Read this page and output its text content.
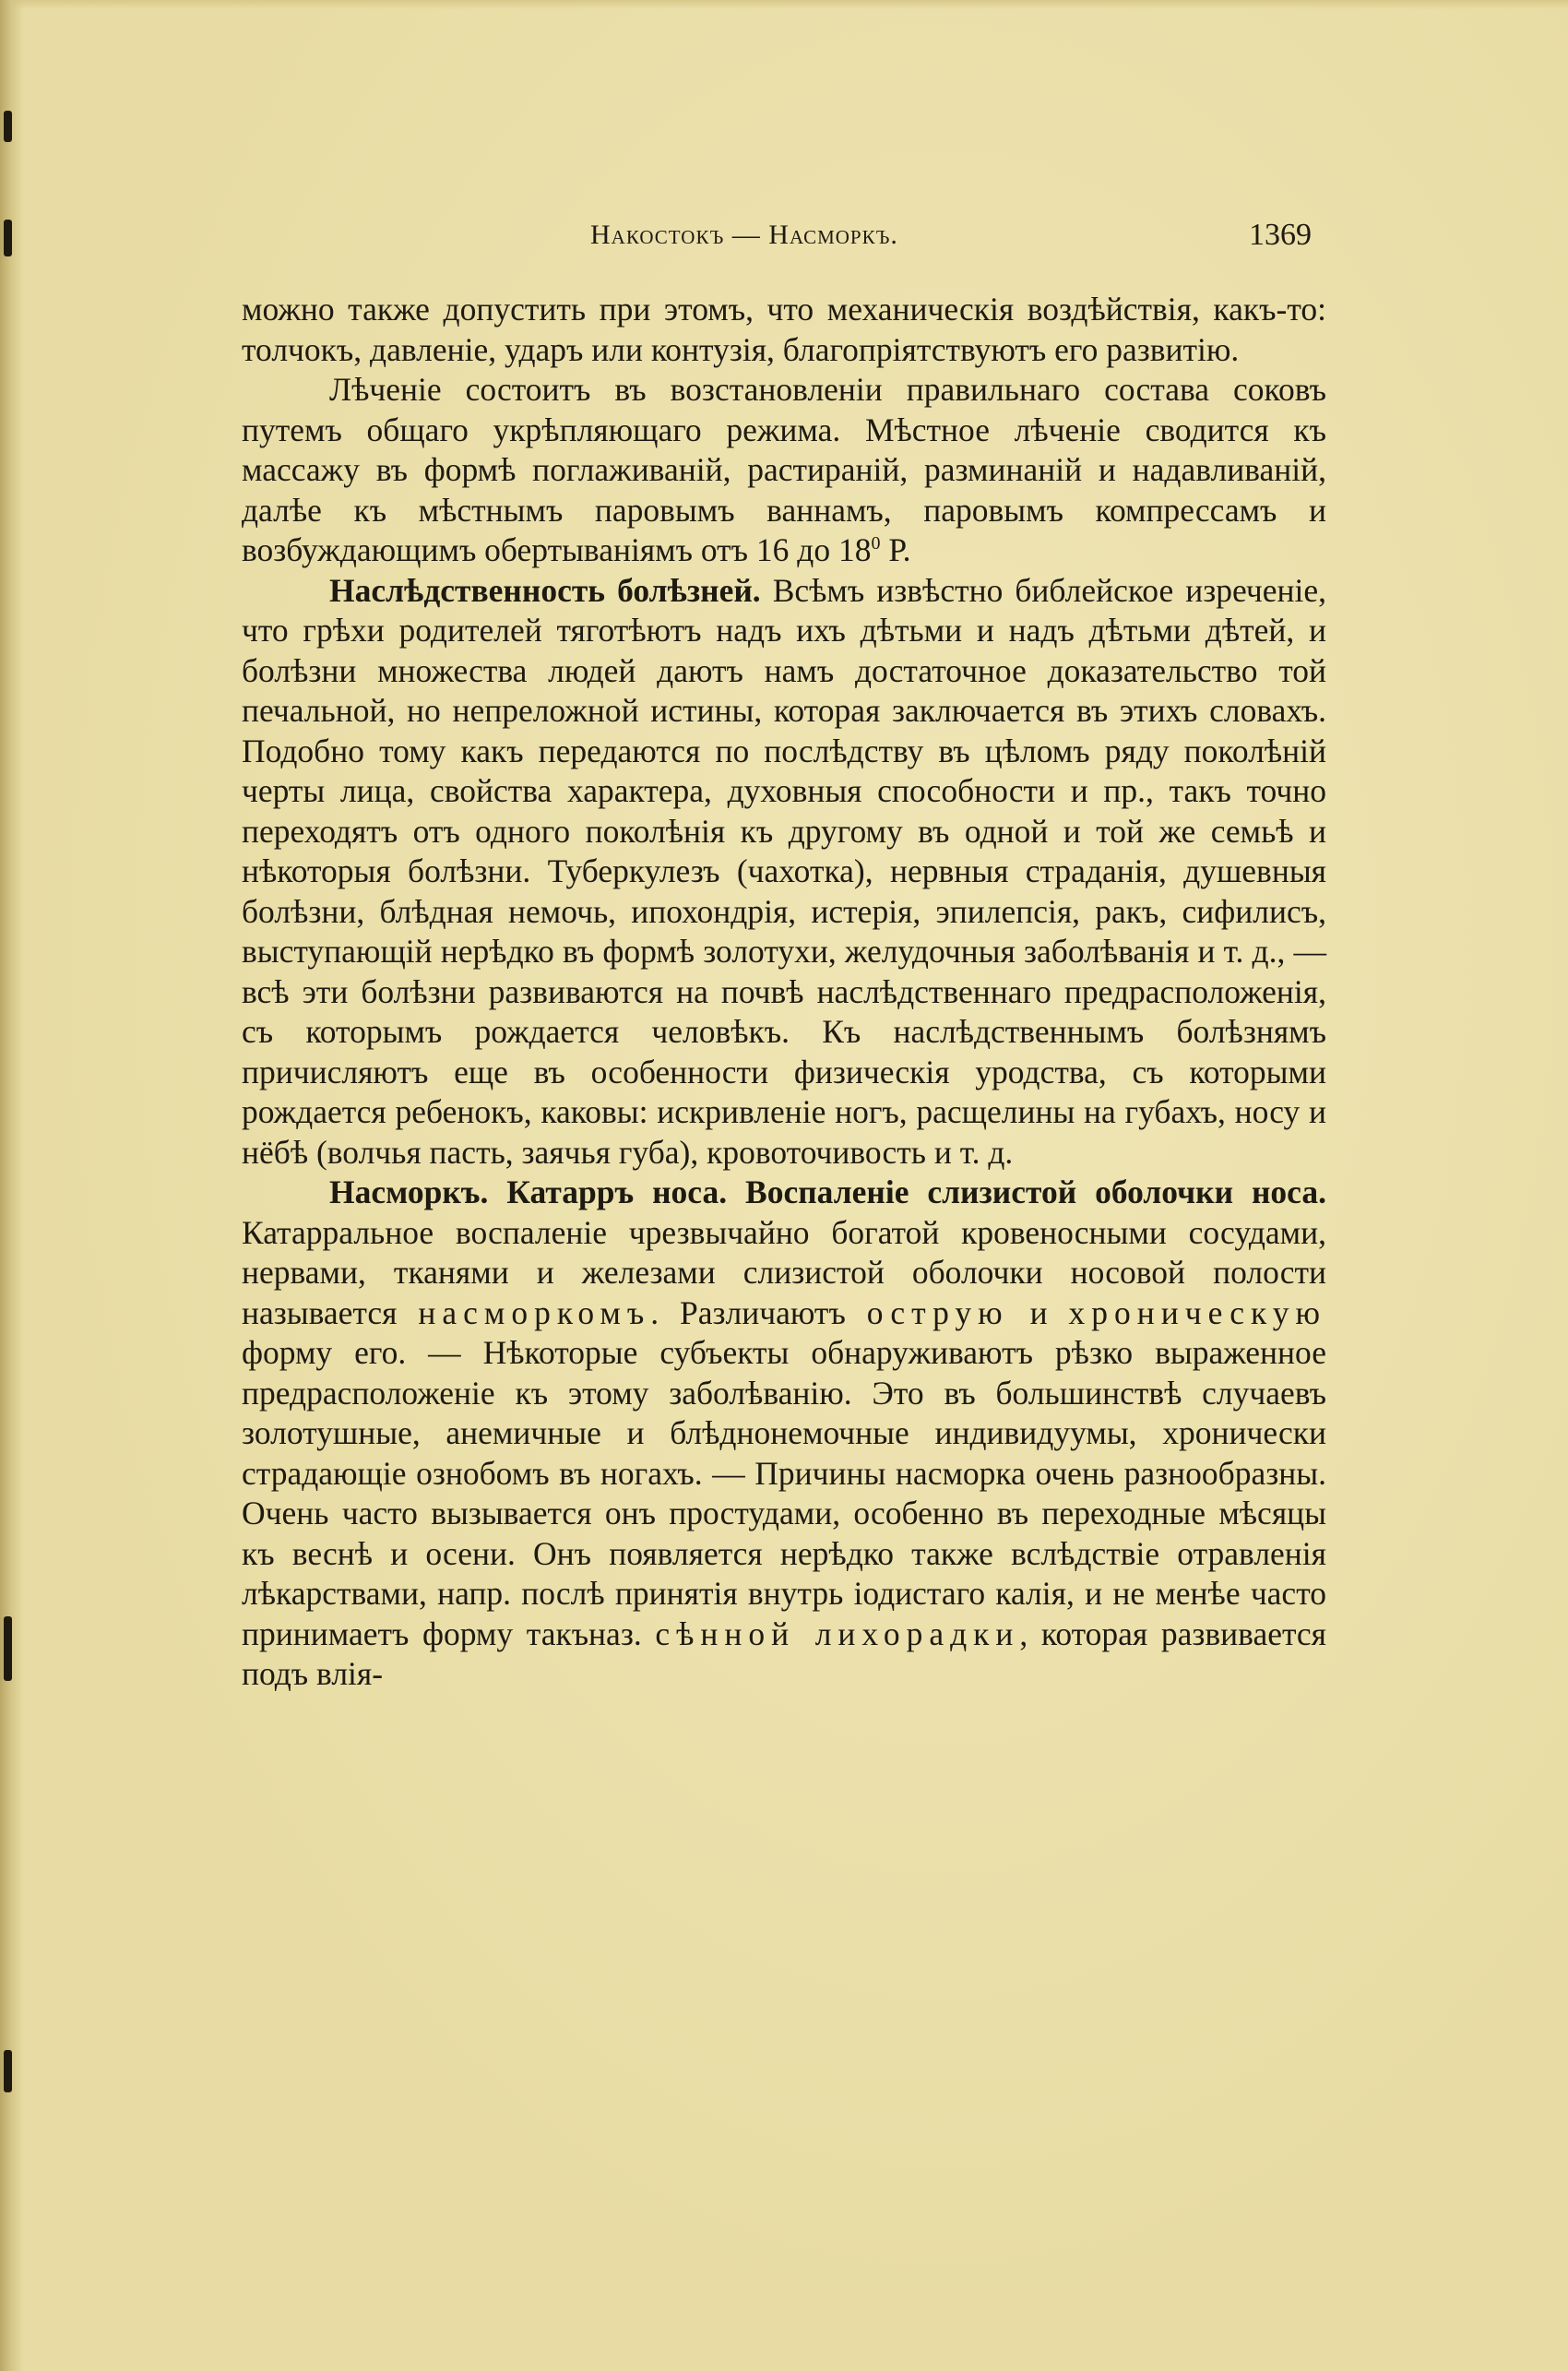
Накостокъ — Насморкъ.	1369

можно также допустить при этомъ, что механическія воздѣйствія, какъ-то: толчокъ, давленіе, ударъ или контузія, благопріятствуютъ его развитію.

Лѣченіе состоитъ въ возстановленіи правильнаго состава соковъ путемъ общаго укрѣпляющаго режима. Мѣстное лѣченіе сводится къ массажу въ формѣ поглаживаній, растираній, разминаній и надавливаній, далѣе къ мѣстнымъ паровымъ ваннамъ, паровымъ компрессамъ и возбуждающимъ обертываніямъ отъ 16 до $18^0$ Р.

Наслѣдственность болѣзней. Всѣмъ извѣстно библейское изреченіе, что грѣхи родителей тяготѣютъ надъ ихъ дѣтьми и надъ дѣтьми дѣтей, и болѣзни множества людей даютъ намъ достаточное доказательство той печальной, но непреложной истины, которая заключается въ этихъ словахъ. Подобно тому какъ передаются по послѣдству въ цѣломъ ряду поколѣній черты лица, свойства характера, духовныя способности и пр., такъ точно переходятъ отъ одного поколѣнія къ другому въ одной и той же семьѣ и нѣкоторыя болѣзни. Туберкулезъ (чахотка), нервныя страданія, душевныя болѣзни, блѣдная немочь, ипохондрія, истерія, эпилепсія, ракъ, сифилисъ, выступающій нерѣдко въ формѣ золотухи, желудочныя заболѣванія и т. д., — всѣ эти болѣзни развиваются на почвѣ наслѣдственнаго предрасположенія, съ которымъ рождается человѣкъ. Къ наслѣдственнымъ болѣзнямъ причисляютъ еще въ особенности физическія уродства, съ которыми рождается ребенокъ, каковы: искривленіе ногъ, расщелины на губахъ, носу и нёбѣ (волчья пасть, заячья губа), кровоточивость и т. д.

Насморкъ. Катарръ носа. Воспаленіе слизистой оболочки носа. Катарральное воспаленіе чрезвычайно богатой кровеносными сосудами, нервами, тканями и железами слизистой оболочки носовой полости называется насморкомъ. Различаютъ острую и хроническую форму его. — Нѣкоторые субъекты обнаруживаютъ рѣзко выраженное предрасположеніе къ этому заболѣванію. Это въ большинствѣ случаевъ золотушные, анемичные и блѣднонемочные индивидуумы, хронически страдающіе ознобомъ въ ногахъ. — Причины насморка очень разнообразны. Очень часто вызывается онъ простудами, особенно въ переходные мѣсяцы къ веснѣ и осени. Онъ появляется нерѣдко также вслѣдствіе отравленія лѣкарствами, напр. послѣ принятія внутрь іодистаго калія, и не менѣе часто принимаетъ форму такъназ. сѣнной лихорадки, которая развивается подъ влія-
